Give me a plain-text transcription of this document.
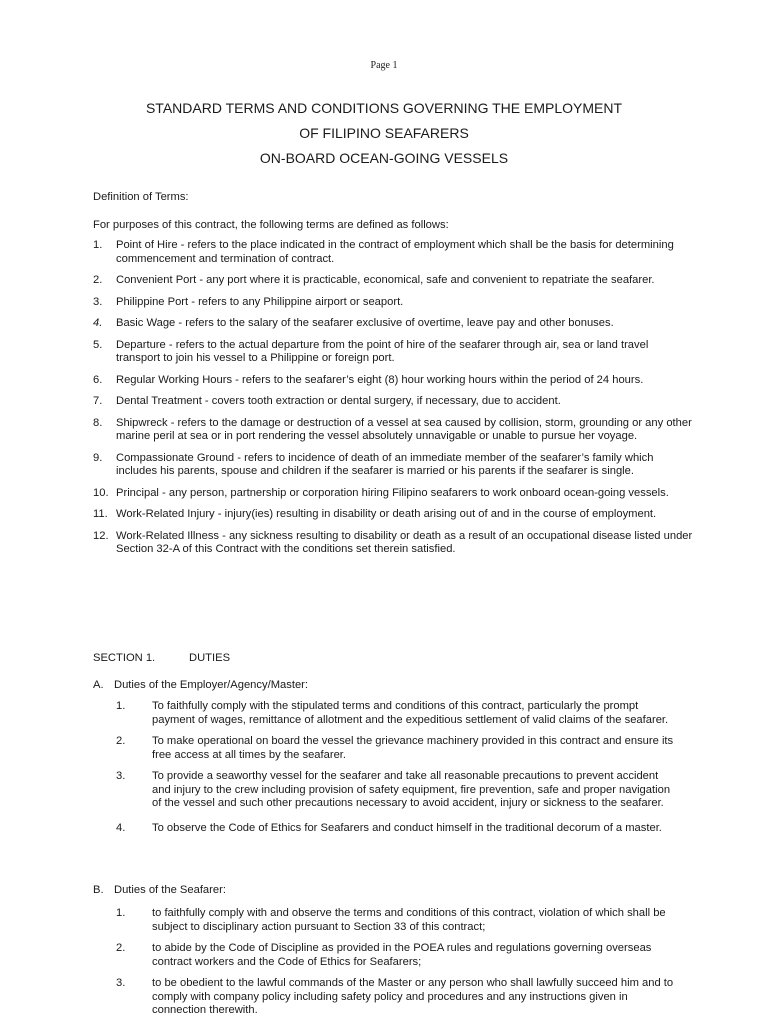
Page 1
STANDARD TERMS AND CONDITIONS GOVERNING THE EMPLOYMENT
OF FILIPINO SEAFARERS
ON-BOARD OCEAN-GOING VESSELS
Definition of Terms:
For purposes of this contract, the following terms are defined as follows:
1. Point of Hire - refers to the place indicated in the contract of employment which shall be the basis for determining commencement and termination of contract.
2. Convenient Port - any port where it is practicable, economical, safe and convenient to repatriate the seafarer.
3. Philippine Port - refers to any Philippine airport or seaport.
4. Basic Wage - refers to the salary of the seafarer exclusive of overtime, leave pay and other bonuses.
5. Departure - refers to the actual departure from the point of hire of the seafarer through air, sea or land travel transport to join his vessel to a Philippine or foreign port.
6. Regular Working Hours - refers to the seafarer’s eight (8) hour working hours within the period of 24 hours.
7. Dental Treatment - covers tooth extraction or dental surgery, if necessary, due to accident.
8. Shipwreck - refers to the damage or destruction of a vessel at sea caused by collision, storm, grounding or any other marine peril at sea or in port rendering the vessel absolutely unnavigable or unable to pursue her voyage.
9. Compassionate Ground - refers to incidence of death of an immediate member of the seafarer’s family which includes his parents, spouse and children if the seafarer is married or his parents if the seafarer is single.
10. Principal - any person, partnership or corporation hiring Filipino seafarers to work onboard ocean-going vessels.
11. Work-Related Injury - injury(ies) resulting in disability or death arising out of and in the course of employment.
12. Work-Related Illness - any sickness resulting to disability or death as a result of an occupational disease listed under Section 32-A of this Contract with the conditions set therein satisfied.
SECTION 1.	DUTIES
A. Duties of the Employer/Agency/Master:
1. To faithfully comply with the stipulated terms and conditions of this contract, particularly the prompt payment of wages, remittance of allotment and the expeditious settlement of valid claims of the seafarer.
2. To make operational on board the vessel the grievance machinery provided in this contract and ensure its free access at all times by the seafarer.
3. To provide a seaworthy vessel for the seafarer and take all reasonable precautions to prevent accident and injury to the crew including provision of safety equipment, fire prevention, safe and proper navigation of the vessel and such other precautions necessary to avoid accident, injury or sickness to the seafarer.
4. To observe the Code of Ethics for Seafarers and conduct himself in the traditional decorum of a master.
B. Duties of the Seafarer:
1. to faithfully comply with and observe the terms and conditions of this contract, violation of which shall be subject to disciplinary action pursuant to Section 33 of this contract;
2. to abide by the Code of Discipline as provided in the POEA rules and regulations governing overseas contract workers and the Code of Ethics for Seafarers;
3. to be obedient to the lawful commands of the Master or any person who shall lawfully succeed him and to comply with company policy including safety policy and procedures and any instructions given in connection therewith.
